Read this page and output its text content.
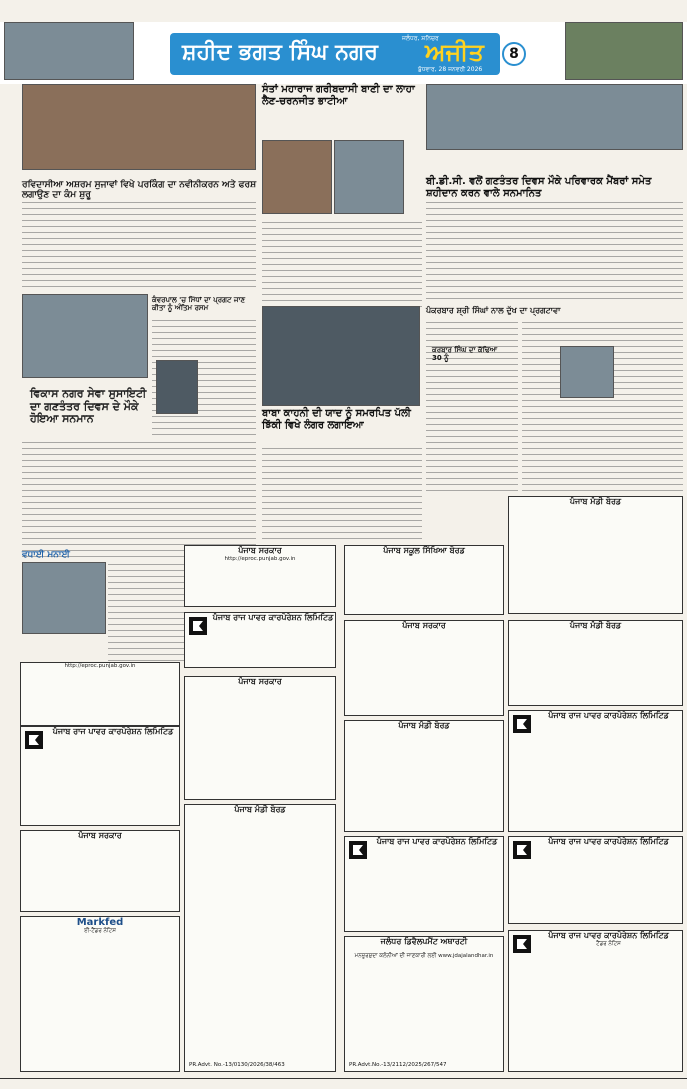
ਸ਼ਹੀਦ ਭਗਤ ਸਿੰਘ ਨਗਰ
ਜਲੰਧਰ, ਸ਼ਨਿਚਰ
ਅਜੀਤ
ਬੁੱਧਵਾਰ, 28 ਜਨਵਰੀ 2026
8
ਰਵਿਦਾਸੀਆ ਅਸ਼ਰਮ ਸੁਜਾਵਾਂ ਵਿਖੇ ਪਰਕਿੰਗ ਦਾ ਨਵੀਨੀਕਰਨ ਅਤੇ ਫਰਸ਼ ਲਗਾਉਣ ਦਾ ਕੰਮ ਸ਼ੁਰੂ
ਕੰਵਰਪਾਲ 'ਚ ਮਿੱਧਾਂ ਦਾ ਪ੍ਰਗਟ ਜਾਣ ਕੀਤਾ ਨੂੰ ਅੰਤਿਮ ਰਸਮ
ਵਿਕਾਸ ਨਗਰ ਸੇਵਾ ਸੁਸਾਇਟੀ ਦਾ ਗਣਤੰਤਰ ਦਿਵਸ ਦੇ ਮੌਕੇ ਹੋਇਆ ਸਨਮਾਨ
ਵਧਾਈ ਮਨਾਈ
ਸੰਤਾਂ ਮਹਾਰਾਜ ਗਰੀਬਦਾਸੀ ਬਾਣੀ ਦਾ ਲਾਹਾ ਲੈਣ-ਚਰਨਜੀਤ ਭਾਟੀਆ
ਬਾਬਾ ਕਾਹਨੀ ਦੀ ਯਾਦ ਨੂੰ ਸਮਰਪਿਤ ਪੱਲੀ ਝਿੱਕੀ ਵਿਖੇ ਲੰਗਰ ਲਗਾਇਆ
ਬੀ.ਡੀ.ਸੀ. ਵਲੋਂ ਗਣਤੰਤਰ ਦਿਵਸ ਮੌਕੇ ਪਰਿਵਾਰਕ ਮੈਂਬਰਾਂ ਸਮੇਤ ਸ਼ਹੀਦਾਨ ਕਰਨ ਵਾਲੇ ਸਨਮਾਨਿਤ
ਪੰਕਰਬਾਰ ਸ਼੍ਰੀ ਸਿੰਘਾਂ ਨਾਲ ਦੁੱਖ ਦਾ ਪ੍ਰਗਟਾਵਾ
ਕਰਬਾਰ ਸਿੰਘ ਦਾ ਕੱਢਿਆ 30 ਨੂੰ
http://eproc.punjab.gov.in
ਪੰਜਾਬ ਸਰਕਾਰ
http://eproc.punjab.gov.in
ਪੰਜਾਬ ਸਕੂਲ ਸਿੱਖਿਆ ਬੋਰਡ
ਪੰਜਾਬ ਮੰਡੀ ਬੋਰਡ
ਪੰਜਾਬ ਰਾਜ ਪਾਵਰ ਕਾਰਪੋਰੇਸ਼ਨ ਲਿਮਿਟਿਡ
ਪੰਜਾਬ ਸਰਕਾਰ	ਪੰਜਾਬ ਮੰਡੀ ਬੋਰਡ
ਪੰਜਾਬ ਰਾਜ ਪਾਵਰ ਕਾਰਪੋਰੇਸ਼ਨ ਲਿਮਿਟਿਡ
ਪੰਜਾਬ ਸਰਕਾਰ
ਪੰਜਾਬ ਮੰਡੀ ਬੋਰਡ
ਪੰਜਾਬ ਰਾਜ ਪਾਵਰ ਕਾਰਪੋਰੇਸ਼ਨ ਲਿਮਿਟਿਡ
ਪੰਜਾਬ ਸਰਕਾਰ
ਪੰਜਾਬ ਮੰਡੀ ਬੋਰਡ
PR.Advt. No.-13/0130/2026/38/463
ਪੰਜਾਬ ਰਾਜ ਪਾਵਰ ਕਾਰਪੋਰੇਸ਼ਨ ਲਿਮਿਟਿਡ	ਪੰਜਾਬ ਰਾਜ ਪਾਵਰ ਕਾਰਪੋਰੇਸ਼ਨ ਲਿਮਿਟਿਡ
Markfed
ਈ-ਟੈਂਡਰ ਨੋਟਿਸ
ਜਲੰਧਰ ਡਿਵੈਲਪਮੈਂਟ ਅਥਾਰਟੀ
ਮਨਜ਼ੂਰਸ਼ੁਦਾ ਕਲੋਨੀਆਂ ਦੀ ਜਾਣਕਾਰੀ ਲਈ www.jdajalandhar.in
PR.Advt.No.-13/2112/2025/267/547
ਪੰਜਾਬ ਰਾਜ ਪਾਵਰ ਕਾਰਪੋਰੇਸ਼ਨ ਲਿਮਿਟਿਡ
ਟੈਂਡਰ ਨੋਟਿਸ
